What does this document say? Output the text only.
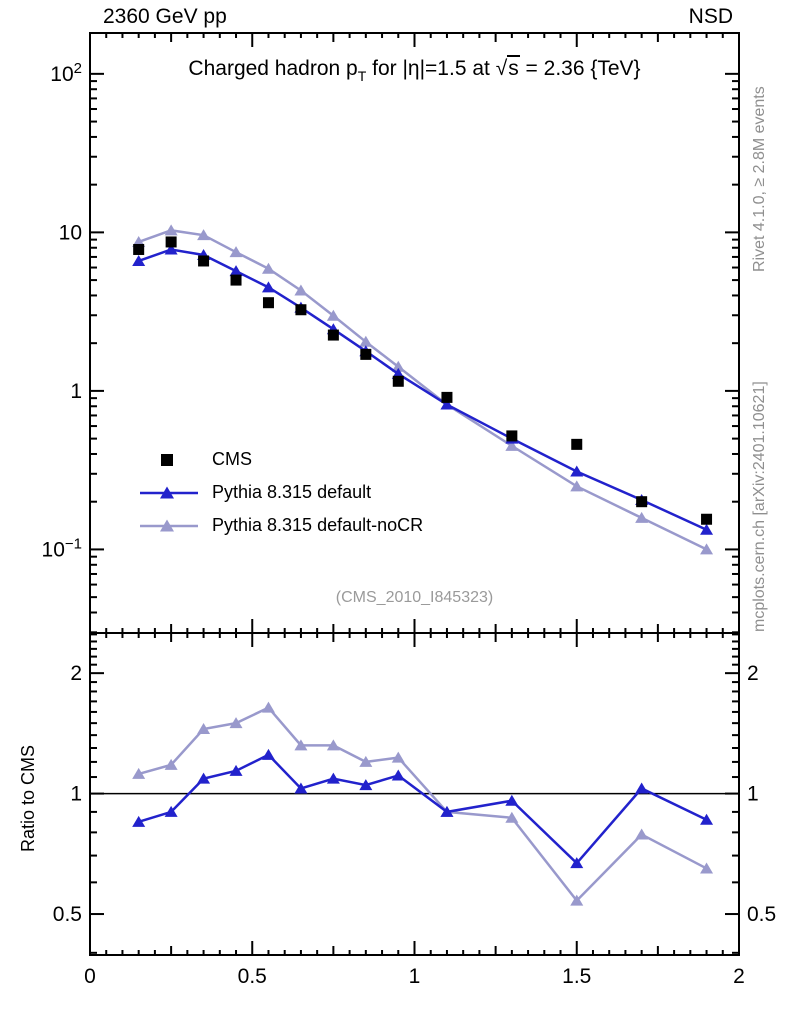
$10^2$
10
1
$10^{-1}$
2	2
1	1
0.5	0.5
0	0.5	1	1.5	2
2360 GeV pp	NSD
Charged hadron $p_T$ for |η|=1.5 at √s = 2.36 {TeV}
CMS
Pythia 8.315 default
Pythia 8.315 default-noCR
(CMS_2010_I845323)
Ratio to CMS
Rivet 4.1.0, ≥ 2.8M events
mcplots.cern.ch [arXiv:2401.10621]
